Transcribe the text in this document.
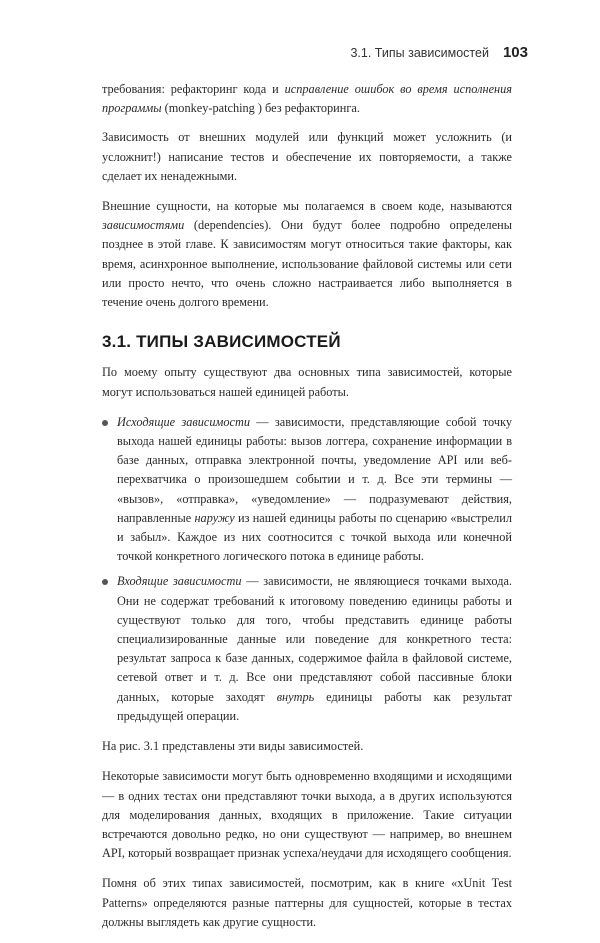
3.1. Типы зависимостей 103

требования: рефакторинг кода и исправление ошибок во время исполнения программы (monkey-patching ) без рефакторинга.

Зависимость от внешних модулей или функций может усложнить (и усложнит!) написание тестов и обеспечение их повторяемости, а также сделает их ненадежными.

Внешние сущности, на которые мы полагаемся в своем коде, называются зависимостями (dependencies). Они будут более подробно определены позднее в этой главе. К зависимостям могут относиться такие факторы, как время, асинхронное выполнение, использование файловой системы или сети или просто нечто, что очень сложно настраивается либо выполняется в течение очень долгого времени.

3.1. ТИПЫ ЗАВИСИМОСТЕЙ

По моему опыту существуют два основных типа зависимостей, которые могут использоваться нашей единицей работы.

Исходящие зависимости — зависимости, представляющие собой точку выхода нашей единицы работы: вызов логгера, сохранение информации в базе данных, отправка электронной почты, уведомление API или веб-перехватчика о произошедшем событии и т. д. Все эти термины — «вызов», «отправка», «уведомление» — подразумевают действия, направленные наружу из нашей единицы работы по сценарию «выстрелил и забыл». Каждое из них соотносится с точкой выхода или конечной точкой конкретного логического потока в единице работы.
Входящие зависимости — зависимости, не являющиеся точками выхода. Они не содержат требований к итоговому поведению единицы работы и существуют только для того, чтобы представить единице работы специализированные данные или поведение для конкретного теста: результат запроса к базе данных, содержимое файла в файловой системе, сетевой ответ и т. д. Все они представляют собой пассивные блоки данных, которые заходят внутрь единицы работы как результат предыдущей операции.

На рис. 3.1 представлены эти виды зависимостей.

Некоторые зависимости могут быть одновременно входящими и исходящими — в одних тестах они представляют точки выхода, а в других используются для моделирования данных, входящих в приложение. Такие ситуации встречаются довольно редко, но они существуют — например, во внешнем API, который возвращает признак успеха/неудачи для исходящего сообщения.

Помня об этих типах зависимостей, посмотрим, как в книге «xUnit Test Patterns» определяются разные паттерны для сущностей, которые в тестах должны выглядеть как другие сущности.
